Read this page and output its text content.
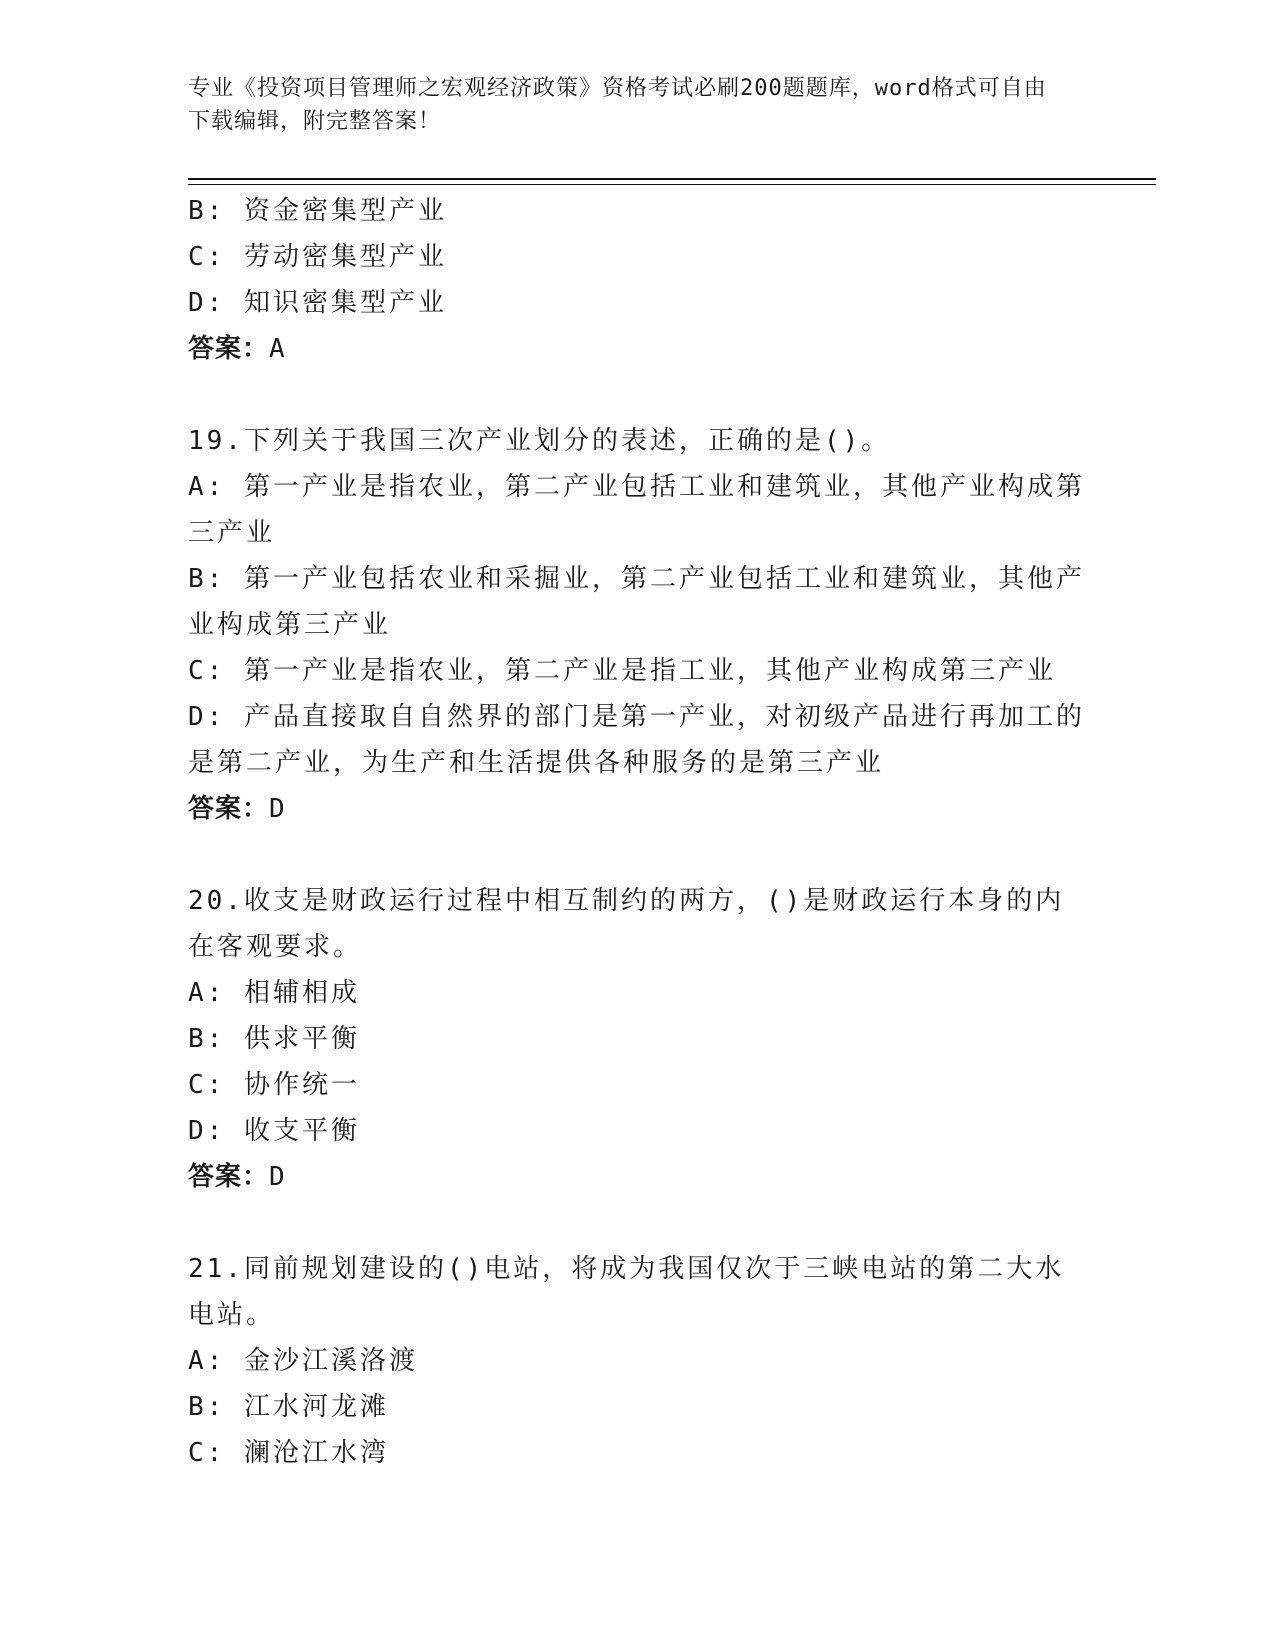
专业《投资项目管理师之宏观经济政策》资格考试必刷200题题库，word格式可自由下载编辑，附完整答案！
B: 资金密集型产业
C: 劳动密集型产业
D: 知识密集型产业
答案：A
19.下列关于我国三次产业划分的表述，正确的是()。
A: 第一产业是指农业，第二产业包括工业和建筑业，其他产业构成第三产业
B: 第一产业包括农业和采掘业，第二产业包括工业和建筑业，其他产业构成第三产业
C: 第一产业是指农业，第二产业是指工业，其他产业构成第三产业
D: 产品直接取自自然界的部门是第一产业，对初级产品进行再加工的是第二产业，为生产和生活提供各种服务的是第三产业
答案：D
20.收支是财政运行过程中相互制约的两方，()是财政运行本身的内在客观要求。
A: 相辅相成
B: 供求平衡
C: 协作统一
D: 收支平衡
答案：D
21.同前规划建设的()电站，将成为我国仅次于三峡电站的第二大水电站。
A: 金沙江溪洛渡
B: 江水河龙滩
C: 澜沧江水湾
